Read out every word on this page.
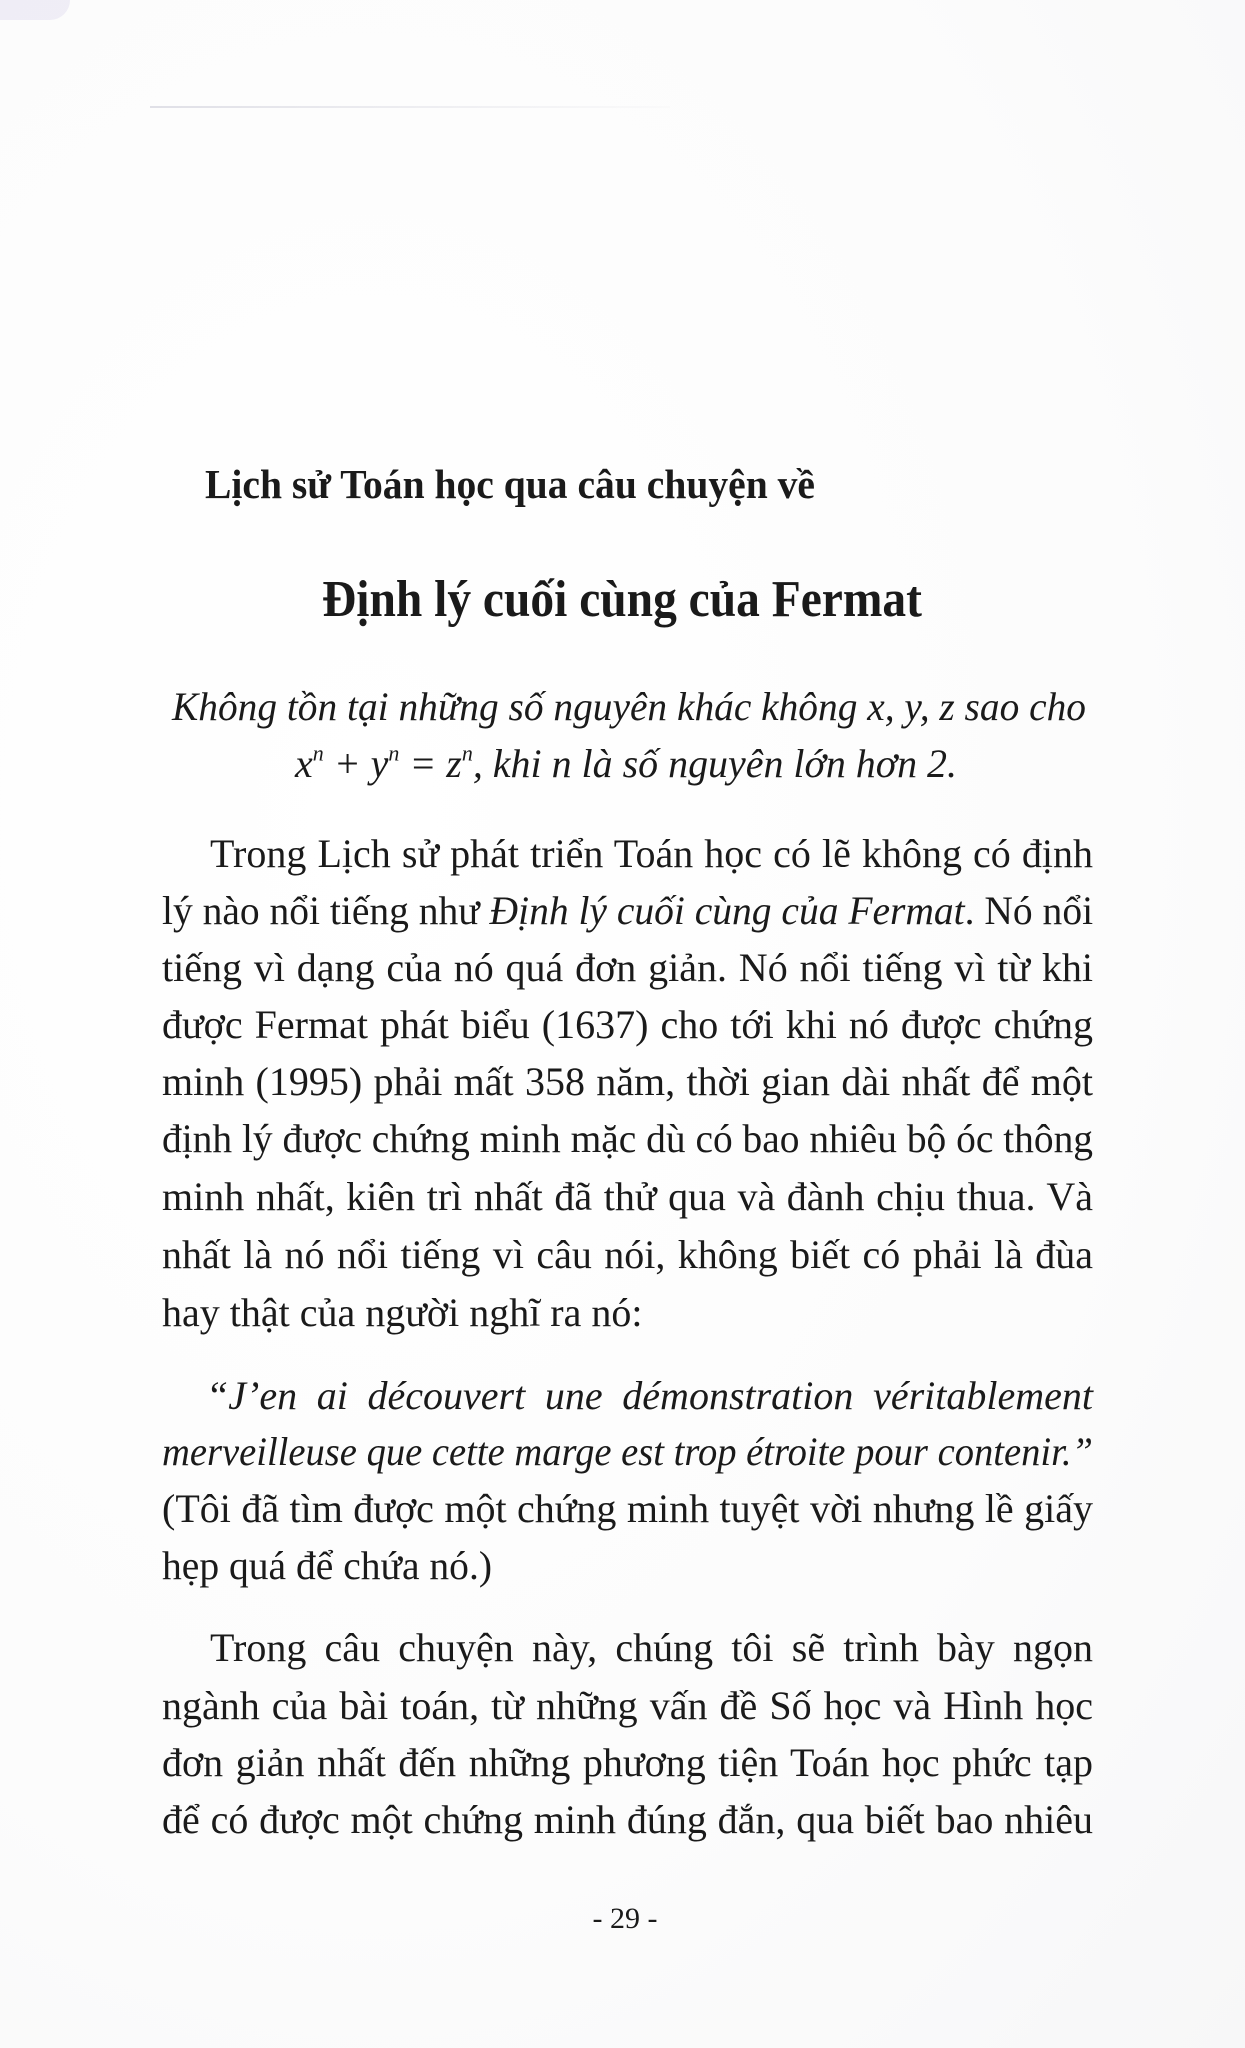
Lịch sử Toán học qua câu chuyện về
Định lý cuối cùng của Fermat
Không tồn tại những số nguyên khác không x, y, z sao cho
$x^n + y^n = z^n$, khi n là số nguyên lớn hơn 2.
Trong Lịch sử phát triển Toán học có lẽ không có định
lý nào nổi tiếng như Định lý cuối cùng của Fermat. Nó nổi
tiếng vì dạng của nó quá đơn giản. Nó nổi tiếng vì từ khi
được Fermat phát biểu (1637) cho tới khi nó được chứng
minh (1995) phải mất 358 năm, thời gian dài nhất để một
định lý được chứng minh mặc dù có bao nhiêu bộ óc thông
minh nhất, kiên trì nhất đã thử qua và đành chịu thua. Và
nhất là nó nổi tiếng vì câu nói, không biết có phải là đùa
hay thật của người nghĩ ra nó:
“J’en ai découvert une démonstration véritablement
merveilleuse que cette marge est trop étroite pour contenir.”
(Tôi đã tìm được một chứng minh tuyệt vời nhưng lề giấy
hẹp quá để chứa nó.)
Trong câu chuyện này, chúng tôi sẽ trình bày ngọn
ngành của bài toán, từ những vấn đề Số học và Hình học
đơn giản nhất đến những phương tiện Toán học phức tạp
để có được một chứng minh đúng đắn, qua biết bao nhiêu
- 29 -
